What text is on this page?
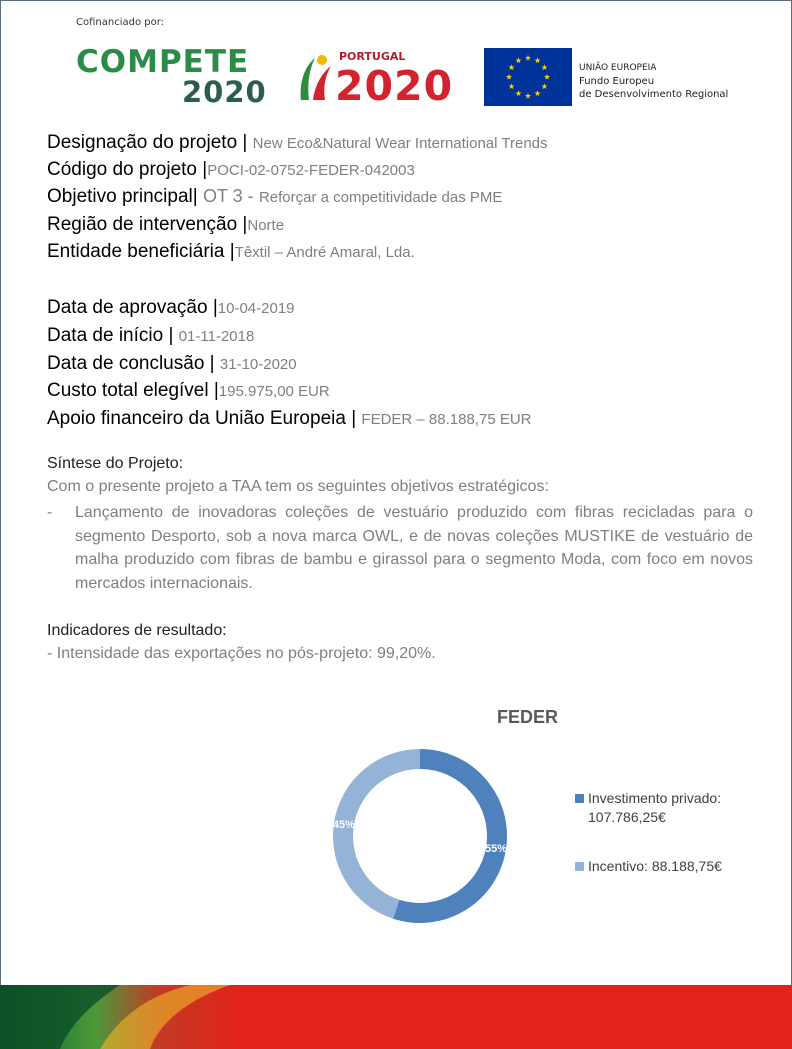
Cofinanciado por:
COMPETE
2020
PORTUGAL
2020	UNIÃO EUROPEIA
Fundo Europeu
de Desenvolvimento Regional
Designação do projeto | New Eco&Natural Wear International Trends
Código do projeto |POCI-02-0752-FEDER-042003
Objetivo principal| OT 3 - Reforçar a competitividade das PME
Região de intervenção |Norte
Entidade beneficiária |Têxtil – André Amaral, Lda.
Data de aprovação |10-04-2019
Data de início | 01-11-2018
Data de conclusão | 31-10-2020
Custo total elegível |195.975,00 EUR
Apoio financeiro da União Europeia | FEDER – 88.188,75 EUR
Síntese do Projeto:
Com o presente projeto a TAA tem os seguintes objetivos estratégicos:
- Lançamento de inovadoras coleções de vestuário produzido com fibras recicladas para o segmento Desporto, sob a nova marca OWL, e de novas coleções MUSTIKE de vestuário de malha produzido com fibras de bambu e girassol para o segmento Moda, com foco em novos mercados internacionais.
Indicadores de resultado:
- Intensidade das exportações no pós-projeto: 99,20%.
FEDER
55%
45%
Investimento privado:
107.786,25€
Incentivo: 88.188,75€
